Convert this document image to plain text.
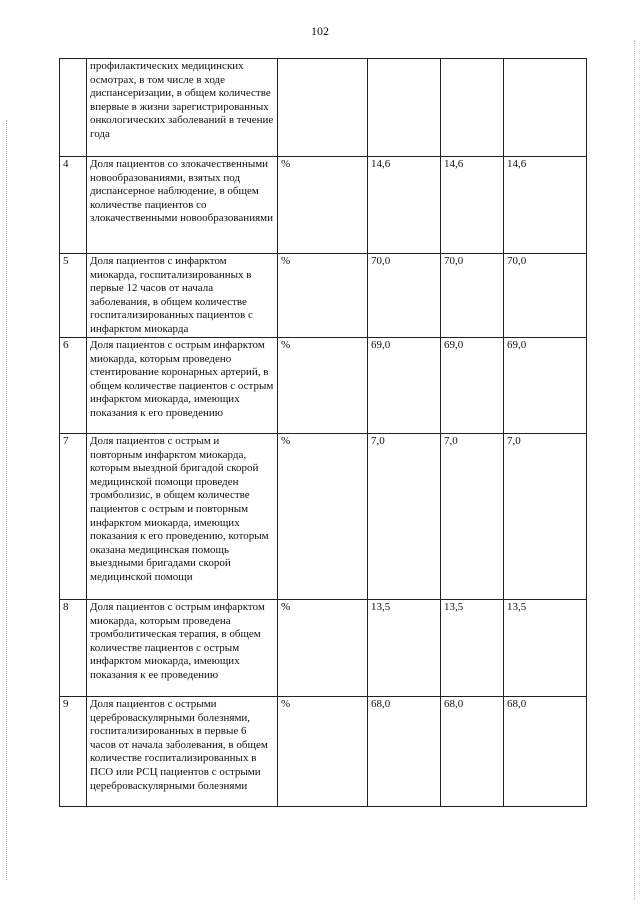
102
	профилактических медицинских осмотрах, в том числе в ходе диспансеризации, в общем количестве впервые в жизни зарегистрированных онкологических заболеваний в течение года				
4	Доля пациентов со злокачественными новообразованиями, взятых под диспансерное наблюдение, в общем количестве пациентов со злокачественными новообразованиями	%	14,6	14,6	14,6
5	Доля пациентов с инфарктом миокарда, госпитализированных в первые 12 часов от начала заболевания, в общем количестве госпитализированных пациентов с инфарктом миокарда	%	70,0	70,0	70,0
6	Доля пациентов с острым инфарктом миокарда, которым проведено стентирование коронарных артерий, в общем количестве пациентов с острым инфарктом миокарда, имеющих показания к его проведению	%	69,0	69,0	69,0
7	Доля пациентов с острым и повторным инфарктом миокарда, которым выездной бригадой скорой медицинской помощи проведен тромболизис, в общем количестве пациентов с острым и повторным инфарктом миокарда, имеющих показания к его проведению, которым оказана медицинская помощь выездными бригадами скорой медицинской помощи	%	7,0	7,0	7,0
8	Доля пациентов с острым инфарктом миокарда, которым проведена тромболитическая терапия, в общем количестве пациентов с острым инфарктом миокарда, имеющих показания к ее проведению	%	13,5	13,5	13,5
9	Доля пациентов с острыми цереброваскулярными болезнями, госпитализированных в первые 6 часов от начала заболевания, в общем количестве госпитализированных в ПСО или РСЦ пациентов с острыми цереброваскулярными болезнями	%	68,0	68,0	68,0
